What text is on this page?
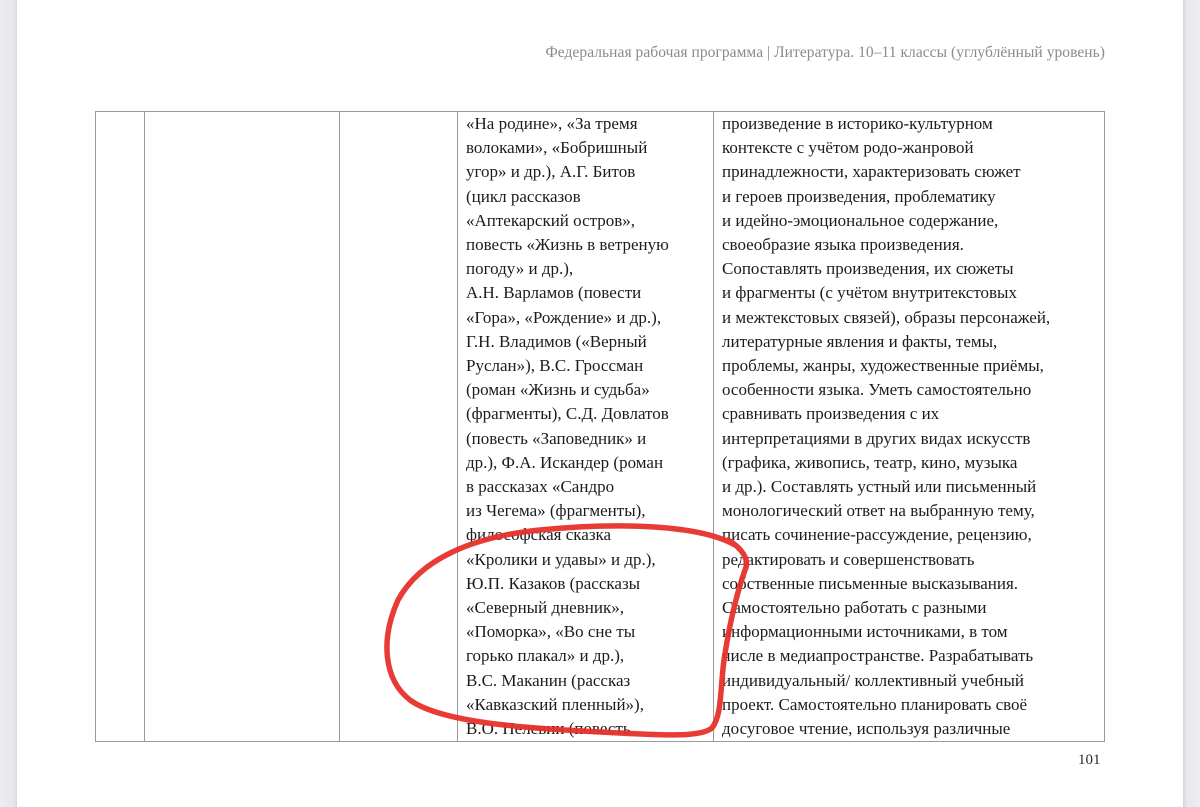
Федеральная рабочая программа | Литература. 10–11 классы (углублённый уровень)

«На родине», «За тремя
волоками», «Бобришный
угор» и др.), А.Г. Битов
(цикл рассказов
«Аптекарский остров»,
повесть «Жизнь в ветреную
погоду» и др.),
А.Н. Варламов (повести
«Гора», «Рождение» и др.),
Г.Н. Владимов («Верный
Руслан»), В.С. Гроссман
(роман «Жизнь и судьба»
(фрагменты), С.Д. Довлатов
(повесть «Заповедник» и
др.), Ф.А. Искандер (роман
в рассказах «Сандро
из Чегема» (фрагменты),
философская сказка
«Кролики и удавы» и др.),
Ю.П. Казаков (рассказы
«Северный дневник»,
«Поморка», «Во сне ты
горько плакал» и др.),
В.С. Маканин (рассказ
«Кавказский пленный»),
В.О. Пелевин (повесть

произведение в историко-культурном
контексте с учётом родо-жанровой
принадлежности, характеризовать сюжет
и героев произведения, проблематику
и идейно-эмоциональное содержание,
своеобразие языка произведения.
Сопоставлять произведения, их сюжеты
и фрагменты (с учётом внутритекстовых
и межтекстовых связей), образы персонажей,
литературные явления и факты, темы,
проблемы, жанры, художественные приёмы,
особенности языка. Уметь самостоятельно
сравнивать произведения с их
интерпретациями в других видах искусств
(графика, живопись, театр, кино, музыка
и др.). Составлять устный или письменный
монологический ответ на выбранную тему,
писать сочинение-рассуждение, рецензию,
редактировать и совершенствовать
собственные письменные высказывания.
Самостоятельно работать с разными
информационными источниками, в том
числе в медиапространстве. Разрабатывать
индивидуальный/ коллективный учебный
проект. Самостоятельно планировать своё
досуговое чтение, используя различные
101
